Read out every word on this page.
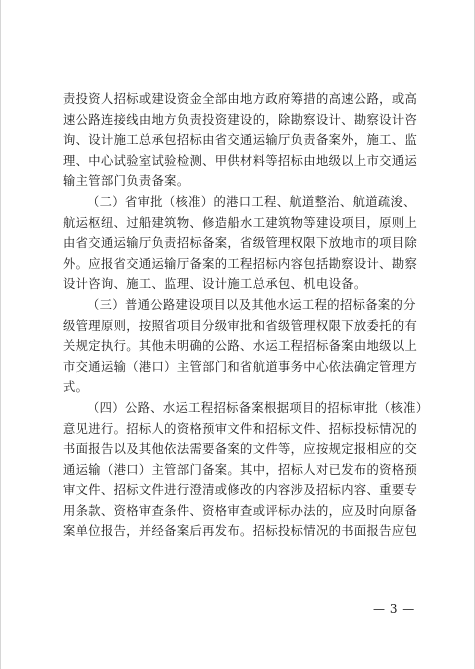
责投资人招标或建设资金全部由地方政府筹措的高速公路，或高
速公路连接线由地方负责投资建设的，除勘察设计、勘察设计咨
询、设计施工总承包招标由省交通运输厅负责备案外，施工、监
理、中心试验室试验检测、甲供材料等招标由地级以上市交通运
输主管部门负责备案。
（二）省审批（核准）的港口工程、航道整治、航道疏浚、
航运枢纽、过船建筑物、修造船水工建筑物等建设项目，原则上
由省交通运输厅负责招标备案，省级管理权限下放地市的项目除
外。应报省交通运输厅备案的工程招标内容包括勘察设计、勘察
设计咨询、施工、监理、设计施工总承包、机电设备。
（三）普通公路建设项目以及其他水运工程的招标备案的分
级管理原则，按照省项目分级审批和省级管理权限下放委托的有
关规定执行。其他未明确的公路、水运工程招标备案由地级以上
市交通运输（港口）主管部门和省航道事务中心依法确定管理方
式。
（四）公路、水运工程招标备案根据项目的招标审批（核准）
意见进行。招标人的资格预审文件和招标文件、招标投标情况的
书面报告以及其他依法需要备案的文件等，应按规定报相应的交
通运输（港口）主管部门备案。其中，招标人对已发布的资格预
审文件、招标文件进行澄清或修改的内容涉及招标内容、重要专
用条款、资格审查条件、资格审查或评标办法的，应及时向原备
案单位报告，并经备案后再发布。招标投标情况的书面报告应包
— 3 —
